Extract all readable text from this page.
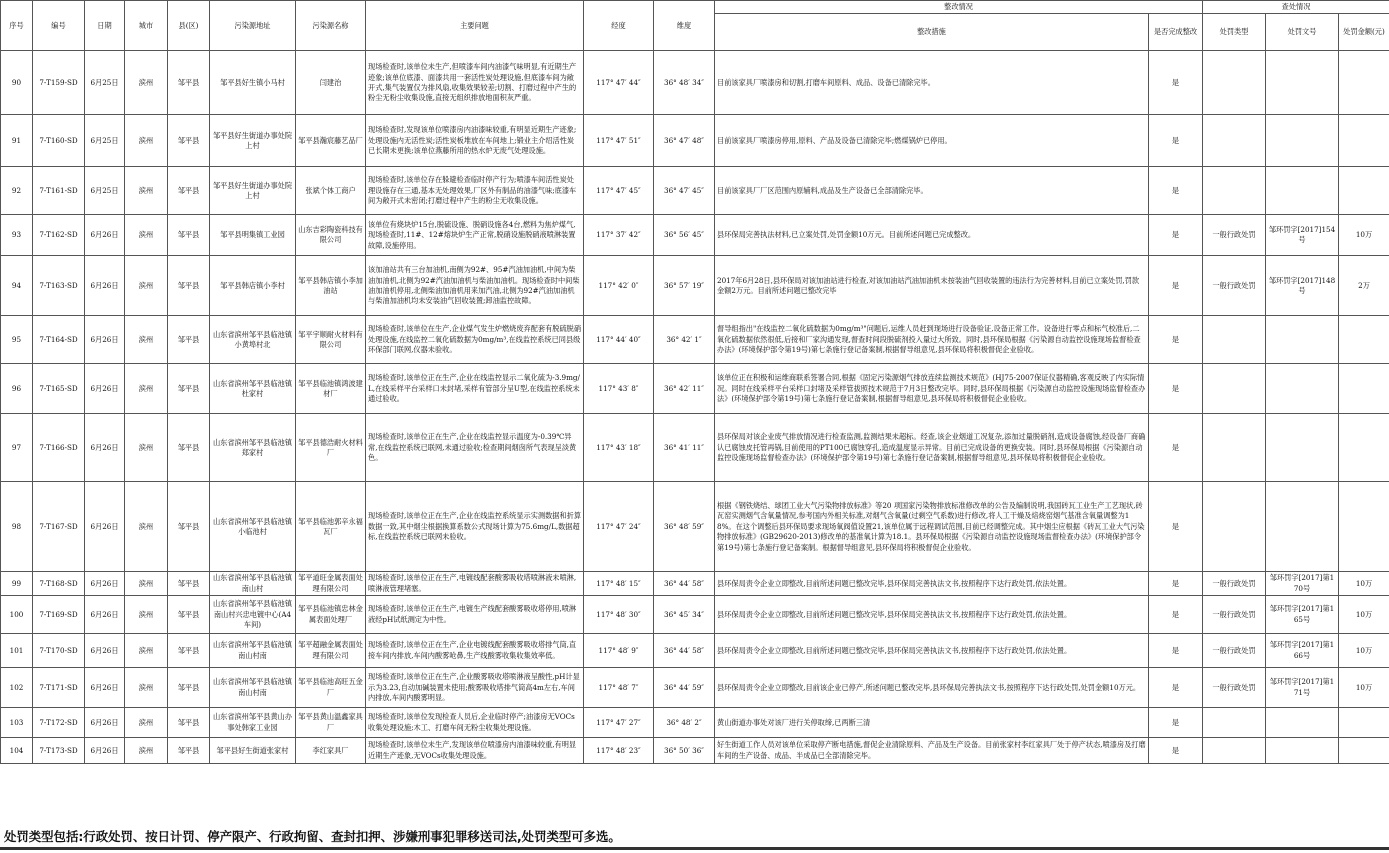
序号	编号	日期	城市	县(区)	污染源地址	污染源名称	主要问题	经度	维度	整改情况		查处情况		
										整改措施	是否完成整改	处罚类型	处罚文号	处罚金额(元)
90	7-T159-SD	6月25日	滨州	邹平县	邹平县好生镇小马村	闫建治	现场检查时,该单位未生产,但喷漆车间内油漆气味明显,有近期生产迹象;该单位底漆、面漆共用一套活性炭处理设施,但底漆车间为敞开式,集气装置仅为排风扇,收集效果较差;切割、打磨过程中产生的粉尘无粉尘收集设施,直接无组织排放地面积灰严重。	117° 47′ 44″	36° 48′ 34″	目前该家具厂喷漆房和切割,打磨车间原料、成品、设备已清除完毕。	是			
91	7-T160-SD	6月25日	滨州	邹平县	邹平县好生街道办事处院上村	邹平县瀚宸藤艺品厂	现场检查时,发现该单位喷漆房内油漆味较重,有明显近期生产迹象;处理设施内无活性炭;活性炭板堆放在车间地上;锻业主介绍活性炭已长期未更换;该单位燕藤所用的热水炉无废气处理设施。	117° 47′ 51″	36° 47′ 48″	目前该家具厂喷漆房停用,原料、产品及设备已清除完毕;燃煤锅炉已停用。	是			
92	7-T161-SD	6月25日	滨州	邹平县	邹平县好生街道办事处院上村	张斌个体工商户	现场检查时,该单位存在躲避检查临时停产行为;喷漆车间活性炭处理设施存在三通,基本无处理效果,厂区外有制品的油漆气味;底漆车间为敞开式未密闭;打磨过程中产生的粉尘无收集设施。	117° 47′ 45″	36° 47′ 45″	目前该家具厂厂区范围内原辅料,成品及生产设备已全部清除完毕。	是			
93	7-T162-SD	6月26日	滨州	邹平县	邹平县明集镇工业园	山东吉彩陶瓷科技有限公司	该单位有烧块炉15台,脱硫设施、脱硝设施各4台,燃料为焦炉煤气,现场检查时,11#、12#熔块炉生产正常,脱硝设施脱硝液喷淋装置故障,设施停用。	117° 37′ 42″	36° 56′ 45″	县环保局完善执法材料,已立案处罚,处罚金额10万元。目前所述问题已完成整改。	是	一般行政处罚	邹环罚字[2017]154号	10万
94	7-T163-SD	6月26日	滨州	邹平县	邹平县韩店镇小李村	邹平县韩店镇小李加油站	该加油站共有三台加油机,南侧为92#、95#汽油加油机,中间为柴油加油机,北侧为92#汽油加油机与柴油加油机。现场检查时中间柴油加油机停用,北侧柴油加油机用来加汽油,北侧为92#汽油加油机与柴油加油机均未安装油气回收装置;卸油监控故障。	117° 42′ 0″	36° 57′ 19″	2017年6月28日,县环保局对该加油站进行检查,对该加油站汽油加油机未按装油气回收装置的违法行为完善材料,目前已立案处罚,罚款金额2万元。目前所述问题已整改完毕	是	一般行政处罚	邹环罚字[2017]148号	2万
95	7-T164-SD	6月26日	滨州	邹平县	山东省滨州邹平县临池镇小黄埠村北	邹平宇顺耐火材料有限公司	现场检查时,该单位在生产,企业煤气发生炉燃烧废弃配套有脱硫脱硝处理设施,在线监控二氧化硫数据为0mg/m³,在线监控系统已同县级环保部门联网,仪器未验收。	117° 44′ 40″	36° 42′ 1″	督导组指出"在线监控二氧化硫数据为0mg/m³"问题后,运维人员赶到现场进行设备验证,设备正常工作。设备进行零点和标气校准后,二氧化硫数据依然很低,后接和厂家沟通发现,督查时间段脱硫剂投入量过大所致。同时,县环保局根据《污染源自动监控设施现场监督检查办法》(环境保护部令第19号)第七条施行登记备案制,根据督导组意见,县环保局将积极督促企业验收。	是			
96	7-T165-SD	6月26日	滨州	邹平县	山东省滨州邹平县临池镇杜家村	邹平县临池镇鸿波建材厂	现场检查时,该单位正在生产,企业在线监控显示二氧化硫为-3.9mg/L,在线采样平台采样口未封堵,采样有管部分呈U型,在线监控系统未通过验收。	117° 43′ 8″	36° 42′ 11″	该单位正在积极和运维商联系签署合同,根据《固定污染源烟气排放连续监测技术规范》(HJ75-2007保证仪器精确,客观反映了内实际情况。同时在线采样平台采样口封堵及采样管拔照技术规范于7月3日整改完毕。同时,县环保局根据《污染源自动监控设施现场监督检查办法》(环境保护部令第19号)第七条施行登记备案制,根据督导组意见,县环保局将积极督促企业验收。	是			
97	7-T166-SD	6月26日	滨州	邹平县	山东省滨州邹平县临池镇郑家村	邹平县德浩耐火材料厂	现场检查时,该单位正在生产,企业在线监控显示温度为-0.39℃异常,在线监控系统已联网,未通过验收;检查期间烟囱所气表现呈淡黄色。	117° 43′ 18″	36° 41′ 11″	县环保局对该企业废气排放情况进行检查监测,监测结果未超标。经查,该企业烟道工况复杂,添加过量脱硝剂,造成设备腐蚀,经设备厂商确认已腐蚀皮托管再锅,目前使用的PT100已腐蚀穿孔,造成温度显示异常。目前已完成设备的更换安装。同时,县环保局根据《污染源自动监控设施现场监督检查办法》(环境保护部令第19号)第七条施行登记备案制,根据督导组意见,县环保局将积极督促企业验收。	是			
98	7-T167-SD	6月26日	滨州	邹平县	山东省滨州邹平县临池镇小临池村	邹平县临池郭辛永福瓦厂	现场检查时,该单位正在生产,企业在线监控系统显示实测数据和折算数据一致,其中烟尘根据换算系数公式现场计算为75.6mg/L,数据超标,在线监控系统已联网未验收。	117° 47′ 24″	36° 48′ 59″	根据《钢铁烧结、球团工业大气污染物排放标准》等20 项国家污染物排放标准修改单的公告及编制说明,我国砖瓦工业生产工艺现状,砖瓦窑实测烟气含氧量情况,参考国内外相关标准,对烟气含氧量(过剩空气系数)进行修改,将人工干燥及焙烧窑烟气基准含氧量调整为18%。在这个调整后县环保局要求现场氧阀值设置21,该单位属于远程调试范围,目前已经调整完成。其中烟尘应根据《砖瓦工业大气污染物排放标准》(GB29620-2013)修改单的基准氧计算为18.1。县环保局根据《污染源自动监控设施现场监督检查办法》(环境保护部令第19号)第七条施行登记备案制。根据督导组意见,县环保局将积极督促企业验收。	是			
99	7-T168-SD	6月26日	滨州	邹平县	山东省滨州邹平县临池镇南山村	邹平道旺金属表面处理有限公司	现场检查时,该单位正在生产,电镀线配套酸雾吸收塔喷淋液未喷淋,喷淋液管理堵塞。	117° 48′ 15″	36° 44′ 58″	县环保局责令企业立即整改,目前所述问题已整改完毕,县环保局完善执法文书,按照程序下达行政处罚,依法处置。	是	一般行政处罚	邹环罚字[2017]第170号	10万
100	7-T169-SD	6月26日	滨州	邹平县	山东省滨州邹平县临池镇南山村兴忠电镀中心(A4车间)	邹平县临池镇忠林金属表面处理厂	现场检查时,该单位正在生产,电镀生产线配套酸雾吸收塔停用,喷淋液经pH试纸测定为中性。	117° 48′ 30″	36° 45′ 34″	县环保局责令企业立即整改,目前所述问题已整改完毕,县环保局完善执法文书,按照程序下达行政处罚,依法处置。	是	一般行政处罚	邹环罚字[2017]第165号	10万
101	7-T170-SD	6月26日	滨州	邹平县	山东省滨州邹平县临池镇南山村南	邹平超融金属表面处理有限公司	现场检查时,该单位正在生产,企业电镀线配套酸雾吸收塔排气筒,直接车间内排放,车间内酸雾呛鼻,生产线酸雾收集收集效率低。	117° 48′ 9″	36° 44′ 58″	县环保局责令企业立即整改,目前所述问题已整改完毕,县环保局完善执法文书,按照程序下达行政处罚,依法处置。	是	一般行政处罚	邹环罚字[2017]第166号	10万
102	7-T171-SD	6月26日	滨州	邹平县	山东省滨州邹平县临池镇南山村南	邹平县临池高旺五金厂	现场检查时,该单位正在生产,企业酸雾吸收塔喷淋液呈酸性,pH计显示为3.23,自动加碱装置未使用;酸雾吸收塔排气筒高4m左右,车间内排放,车间内酸雾明显。	117° 48′ 7″	36° 44′ 59″	县环保局责令企业立即整改,目前该企业已停产,所述问题已整改完毕,县环保局完善执法文书,按照程序下达行政处罚,处罚金额10万元。	是	一般行政处罚	邹环罚字[2017]第171号	10万
103	7-T172-SD	6月26日	滨州	邹平县	山东省滨州邹平县黄山办事处韩家工业园	邹平县黄山温鑫家具厂	现场检查时,该单位发现检查人员后,企业临时停产;油漆房无VOCs收集处理设施;木工、打磨车间无粉尘收集处理设施。	117° 47′ 27″	36° 48′ 2″	黄山街道办事处对该厂进行关停取缔,已两断三清	是			
104	7-T173-SD	6月26日	滨州	邹平县	邹平县好生街道张家村	李红家具厂	现场检查时,该单位未生产,发现该单位喷漆房内油漆味较重,有明显近期生产迹象,无VOCs收集处理设施。	117° 48′ 23″	36° 50′ 36″	好生街道工作人员对该单位采取停产断电措施,督促企业清除原料、产品及生产设备。目前张家村李红家具厂处于停产状态,喷漆房及打磨车间的生产设备、成品、半成品已全部清除完毕。	是			
处罚类型包括:行政处罚、按日计罚、停产限产、行政拘留、查封扣押、涉嫌刑事犯罪移送司法,处罚类型可多选。
